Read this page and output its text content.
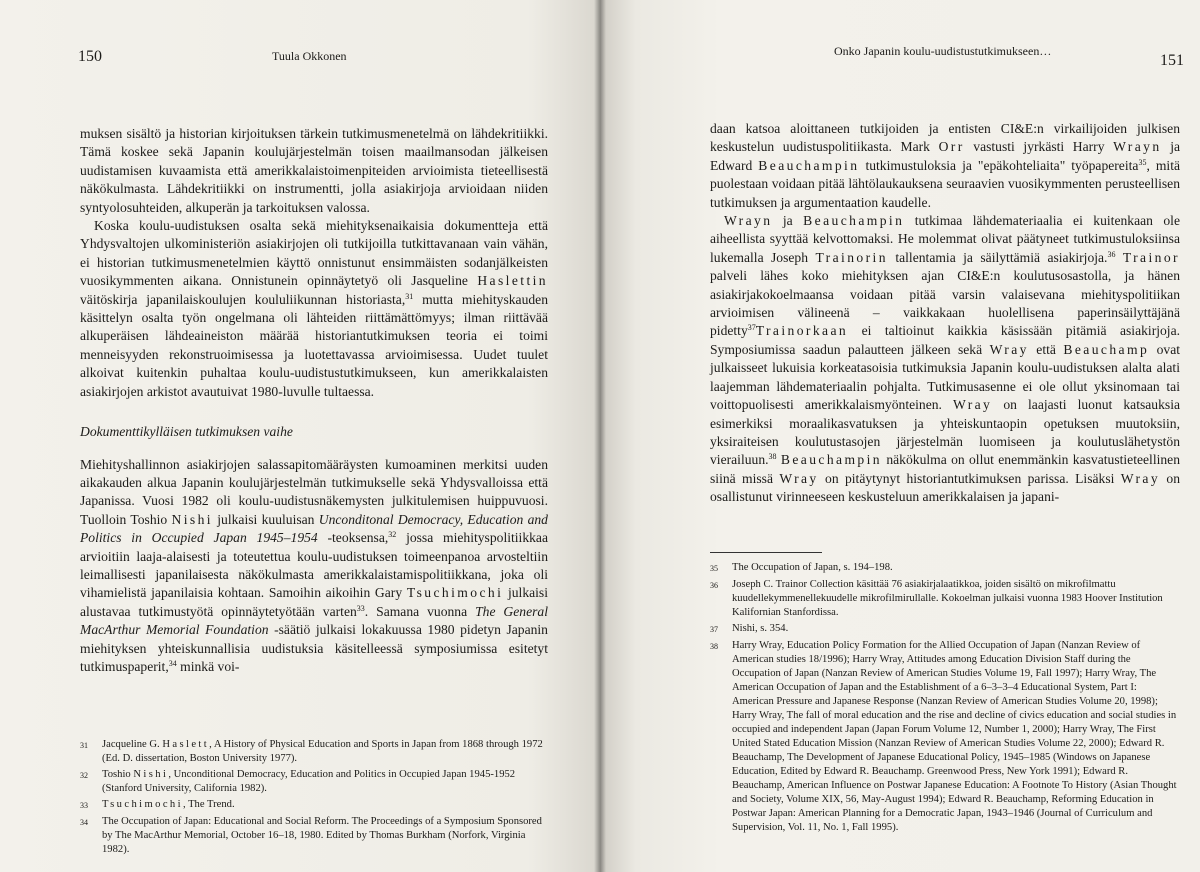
150	Tuula Okkonen

muksen sisältö ja historian kirjoituksen tärkein tutkimusmenetelmä on lähdekritiikki. Tämä koskee sekä Japanin koulujärjestelmän toisen maailmansodan jälkeisen uudistamisen kuvaamista että amerikkalaistoimenpiteiden arvioimista tieteellisestä näkökulmasta. Lähdekritiikki on instrumentti, jolla asiakirjoja arvioidaan niiden syntyolosuhteiden, alkuperän ja tarkoituksen valossa.

Koska koulu-uudistuksen osalta sekä miehityksenaikaisia dokumentteja että Yhdysvaltojen ulkoministeriön asiakirjojen oli tutkijoilla tutkittavanaan vain vähän, ei historian tutkimusmenetelmien käyttö onnistunut ensimmäisten sodanjälkeisten vuosikymmenten aikana. Onnistunein opinnäytetyö oli Jasqueline Haslettin väitöskirja japanilaiskoulujen koululiikunnan historiasta,$^{31}$ mutta miehityskauden käsittelyn osalta työn ongelmana oli lähteiden riittämättömyys; ilman riittävää alkuperäisen lähdeaineiston määrää historiantutkimuksen teoria ei toimi menneisyyden rekonstruoimisessa ja luotettavassa arvioimisessa. Uudet tuulet alkoivat kuitenkin puhaltaa koulu-uudistustutkimukseen, kun amerikkalaisten asiakirjojen arkistot avautuivat 1980-luvulle tultaessa.

Dokumenttikylläisen tutkimuksen vaihe

Miehityshallinnon asiakirjojen salassapitomääräysten kumoaminen merkitsi uuden aikakauden alkua Japanin koulujärjestelmän tutkimukselle sekä Yhdysvalloissa että Japanissa. Vuosi 1982 oli koulu-uudistusnäkemysten julkitulemisen huippuvuosi. Tuolloin Toshio Nishi julkaisi kuuluisan Unconditonal Democracy, Education and Politics in Occupied Japan 1945–1954 -teoksensa,$^{32}$ jossa miehityspolitiikkaa arvioitiin laaja-alaisesti ja toteutettua koulu-uudistuksen toimeenpanoa arvosteltiin leimallisesti japanilaisesta näkökulmasta amerikkalaistamispolitiikkana, joka oli vihamielistä japanilaisia kohtaan. Samoihin aikoihin Gary Tsuchimochi julkaisi alustavaa tutkimustyötä opinnäytetyötään varten$^{33}$. Samana vuonna The General MacArthur Memorial Foundation -säätiö julkaisi lokakuussa 1980 pidetyn Japanin miehityksen yhteiskunnallisia uudistuksia käsitelleessä symposiumissa esitetyt tutkimuspaperit,$^{34}$ minkä voi-

31	Jacqueline G. Haslett, A History of Physical Education and Sports in Japan from 1868 through 1972 (Ed. D. dissertation, Boston University 1977).
32	Toshio Nishi, Unconditional Democracy, Education and Politics in Occupied Japan 1945-1952 (Stanford University, California 1982).
33	Tsuchimochi, The Trend.
34	The Occupation of Japan: Educational and Social Reform. The Proceedings of a Symposium Sponsored by The MacArthur Memorial, October 16–18, 1980. Edited by Thomas Burkham (Norfork, Virginia 1982).
Onko Japanin koulu-uudistustutkimukseen…
151

daan katsoa aloittaneen tutkijoiden ja entisten CI&E:n virkailijoiden julkisen keskustelun uudistuspolitiikasta. Mark Orr vastusti jyrkästi Harry Wrayn ja Edward Beauchampin tutkimustuloksia ja "epäkohteliaita" työpapereita$^{35}$, mitä puolestaan voidaan pitää lähtölaukauksena seuraavien vuosikymmenten perusteellisen tutkimuksen ja argumentaation kaudelle.

Wrayn ja Beauchampin tutkimaa lähdemateriaalia ei kuitenkaan ole aiheellista syyttää kelvottomaksi. He molemmat olivat päätyneet tutkimustuloksiinsa lukemalla Joseph Trainorin tallentamia ja säilyttämiä asiakirjoja.$^{36}$ Trainor palveli lähes koko miehityksen ajan CI&E:n koulutusosastolla, ja hänen asiakirjakokoelmaansa voidaan pitää varsin valaisevana miehityspolitiikan arvioimisen välineenä – vaikkakaan huolellisena paperinsäilyttäjänä pidetty$^{37}$Trainorkaan ei taltioinut kaikkia käsissään pitämiä asiakirjoja. Symposiumissa saadun palautteen jälkeen sekä Wray että Beauchamp ovat julkaisseet lukuisia korkeatasoisia tutkimuksia Japanin koulu-uudistuksen alalta alati laajemman lähdemateriaalin pohjalta. Tutkimusasenne ei ole ollut yksinomaan tai voittopuolisesti amerikkalaismyönteinen. Wray on laajasti luonut katsauksia esimerkiksi moraalikasvatuksen ja yhteiskuntaopin opetuksen muutoksiin, yksiraiteisen koulutustasojen järjestelmän luomiseen ja koulutuslähetystön vierailuun.$^{38}$ Beauchampin näkökulma on ollut enemmänkin kasvatustieteellinen siinä missä Wray on pitäytynyt historiantutkimuksen parissa. Lisäksi Wray on osallistunut virinneeseen keskusteluun amerikkalaisen ja japani-

35	The Occupation of Japan, s. 194–198.
36	Joseph C. Trainor Collection käsittää 76 asiakirjalaatikkoa, joiden sisältö on mikrofilmattu kuudellekymmenellekuudelle mikrofilmirullalle. Kokoelman julkaisi vuonna 1983 Hoover Institution Kalifornian Stanfordissa.
37	Nishi, s. 354.
38	Harry Wray, Education Policy Formation for the Allied Occupation of Japan (Nanzan Review of American studies 18/1996); Harry Wray, Attitudes among Education Division Staff during the Occupation of Japan (Nanzan Review of American Studies Volume 19, Fall 1997); Harry Wray, The American Occupation of Japan and the Establishment of a 6–3–3–4 Educational System, Part I: American Pressure and Japanese Response (Nanzan Review of American Studies Volume 20, 1998); Harry Wray, The fall of moral education and the rise and decline of civics education and social studies in occupied and independent Japan (Japan Forum Volume 12, Number 1, 2000); Harry Wray, The First United Stated Education Mission (Nanzan Review of American Studies Volume 22, 2000); Edward R. Beauchamp, The Development of Japanese Educational Policy, 1945–1985 (Windows on Japanese Education, Edited by Edward R. Beauchamp. Greenwood Press, New York 1991); Edward R. Beauchamp, American Influence on Postwar Japanese Education: A Footnote To History (Asian Thought and Society, Volume XIX, 56, May-August 1994); Edward R. Beauchamp, Reforming Education in Postwar Japan: American Planning for a Democratic Japan, 1943–1946 (Journal of Curriculum and Supervision, Vol. 11, No. 1, Fall 1995).
